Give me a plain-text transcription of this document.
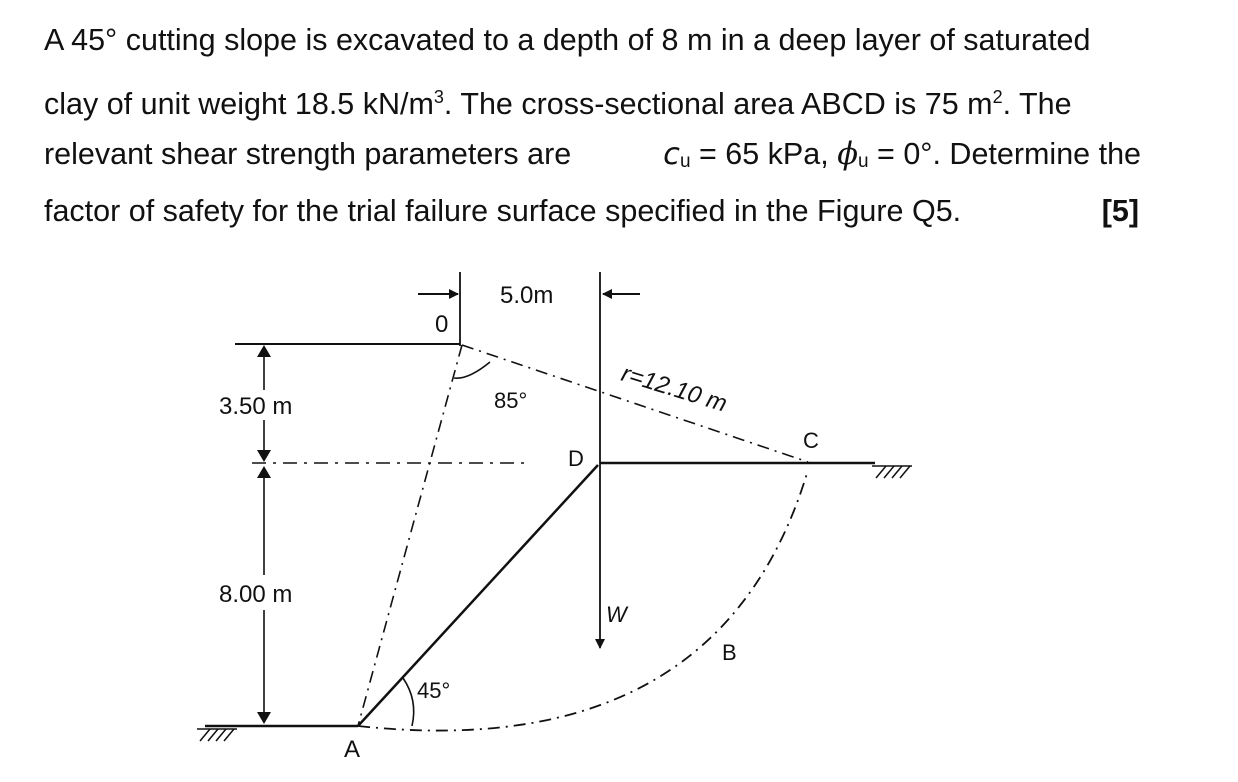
A 45° cutting slope is excavated to a depth of 8 m in a deep layer of saturated
clay of unit weight 18.5 $kN/m^3$. The cross-sectional area ABCD is 75 $m^2$. The
relevant shear strength parameters are	cu = 65 kPa, ϕu = 0°. Determine the
factor of safety for the trial failure surface specified in the Figure Q5.	[5]
3.50 m
8.00 m
5.0m
0
A
B
C
D
W
85°
45°
r=12.10 m
